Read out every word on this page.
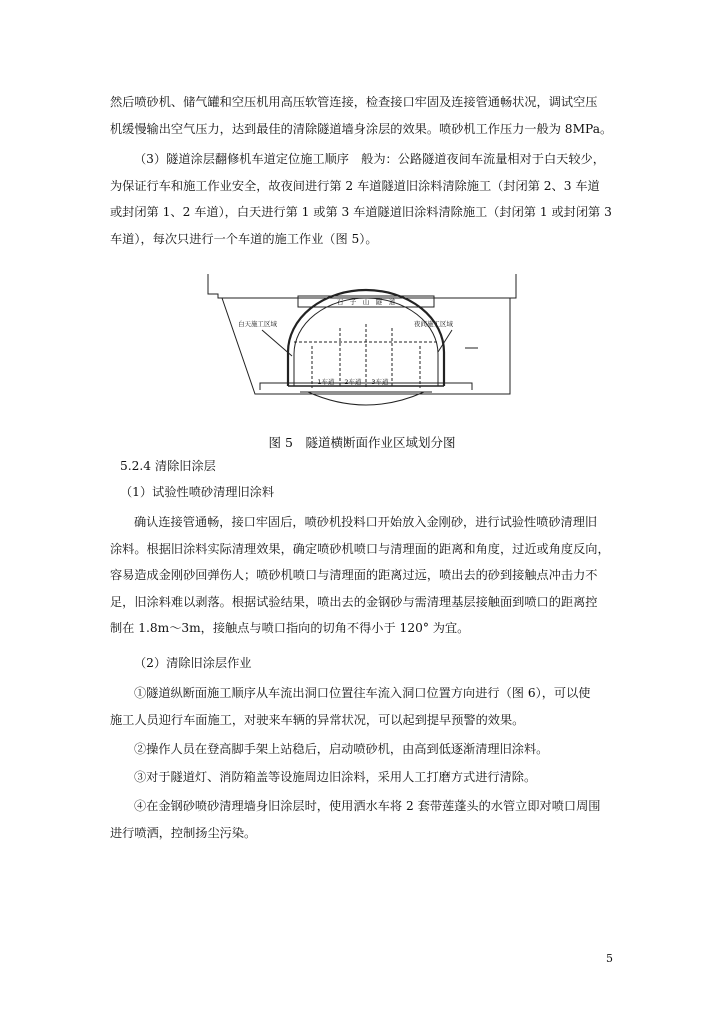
然后喷砂机、储气罐和空压机用高压软管连接，检查接口牢固及连接管通畅状况，调试空压
机缓慢输出空气压力，达到最佳的清除隧道墙身涂层的效果。喷砂机工作压力一般为 8MPa。
（3）隧道涂层翻修机车道定位施工顺序　般为：公路隧道夜间车流量相对于白天较少，
为保证行车和施工作业安全，故夜间进行第 2 车道隧道旧涂料清除施工（封闭第 2、3 车道
或封闭第 1、2 车道），白天进行第 1 或第 3 车道隧道旧涂料清除施工（封闭第 1 或封闭第 3
车道），每次只进行一个车道的施工作业（图 5）。
石　子　山　隧　道
白天施工区域	夜间施工区域
1车道 2车道 3车道
图 5　隧道横断面作业区域划分图
5.2.4 清除旧涂层
（1）试验性喷砂清理旧涂料
确认连接管通畅，接口牢固后，喷砂机投料口开始放入金刚砂，进行试验性喷砂清理旧
涂料。根据旧涂料实际清理效果，确定喷砂机喷口与清理面的距离和角度，过近或角度反向，
容易造成金刚砂回弹伤人；喷砂机喷口与清理面的距离过远，喷出去的砂到接触点冲击力不
足，旧涂料难以剥落。根据试验结果，喷出去的金钢砂与需清理基层接触面到喷口的距离控
制在 1.8m～3m，接触点与喷口指向的切角不得小于 120° 为宜。
（2）清除旧涂层作业
①隧道纵断面施工顺序从车流出洞口位置往车流入洞口位置方向进行（图 6），可以使
施工人员迎行车面施工，对驶来车辆的异常状况，可以起到提早预警的效果。
②操作人员在登高脚手架上站稳后，启动喷砂机，由高到低逐渐清理旧涂料。
③对于隧道灯、消防箱盖等设施周边旧涂料，采用人工打磨方式进行清除。
④在金钢砂喷砂清理墙身旧涂层时，使用洒水车将 2 套带莲蓬头的水管立即对喷口周围
进行喷洒，控制扬尘污染。
5
